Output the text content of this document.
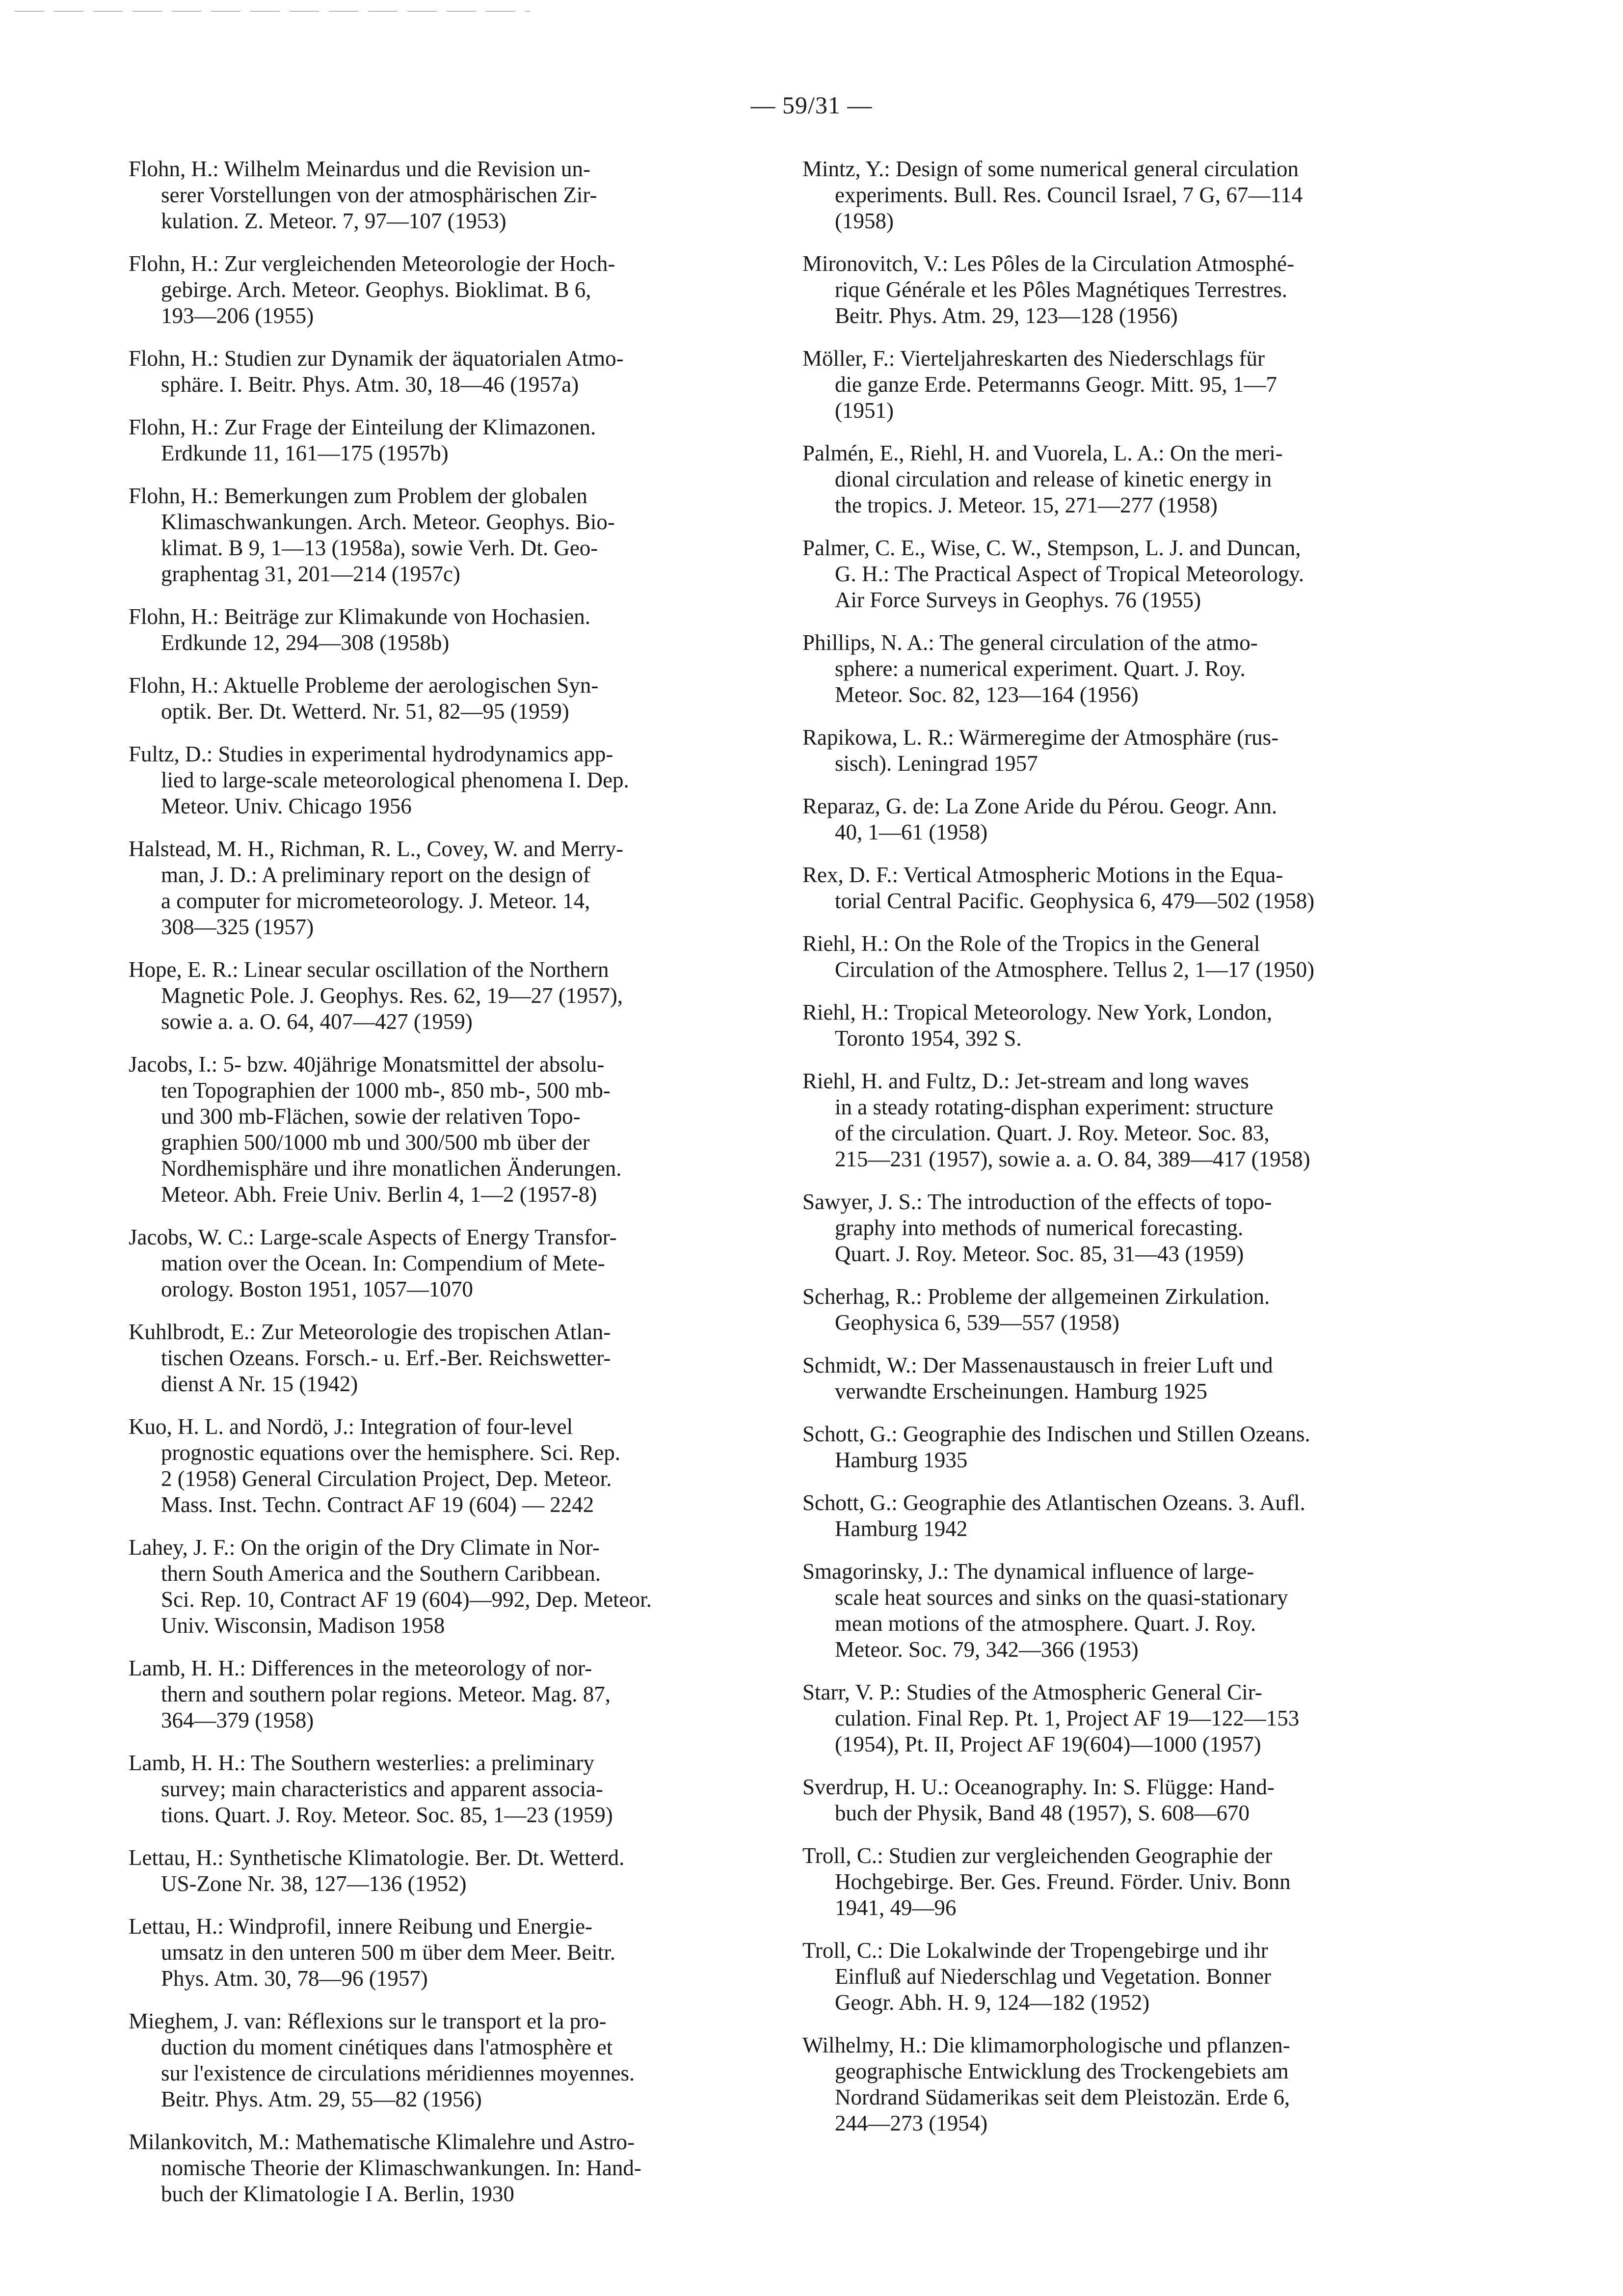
— 59/31 —
Flohn, H.: Wilhelm Meinardus und die Revision un-
serer Vorstellungen von der atmosphärischen Zir-
kulation. Z. Meteor. 7, 97—107 (1953)
Flohn, H.: Zur vergleichenden Meteorologie der Hoch-
gebirge. Arch. Meteor. Geophys. Bioklimat. B 6,
193—206 (1955)
Flohn, H.: Studien zur Dynamik der äquatorialen Atmo-
sphäre. I. Beitr. Phys. Atm. 30, 18—46 (1957a)
Flohn, H.: Zur Frage der Einteilung der Klimazonen.
Erdkunde 11, 161—175 (1957b)
Flohn, H.: Bemerkungen zum Problem der globalen
Klimaschwankungen. Arch. Meteor. Geophys. Bio-
klimat. B 9, 1—13 (1958a), sowie Verh. Dt. Geo-
graphentag 31, 201—214 (1957c)
Flohn, H.: Beiträge zur Klimakunde von Hochasien.
Erdkunde 12, 294—308 (1958b)
Flohn, H.: Aktuelle Probleme der aerologischen Syn-
optik. Ber. Dt. Wetterd. Nr. 51, 82—95 (1959)
Fultz, D.: Studies in experimental hydrodynamics app-
lied to large-scale meteorological phenomena I. Dep.
Meteor. Univ. Chicago 1956
Halstead, M. H., Richman, R. L., Covey, W. and Merry-
man, J. D.: A preliminary report on the design of
a computer for micrometeorology. J. Meteor. 14,
308—325 (1957)
Hope, E. R.: Linear secular oscillation of the Northern
Magnetic Pole. J. Geophys. Res. 62, 19—27 (1957),
sowie a. a. O. 64, 407—427 (1959)
Jacobs, I.: 5- bzw. 40jährige Monatsmittel der absolu-
ten Topographien der 1000 mb-, 850 mb-, 500 mb-
und 300 mb-Flächen, sowie der relativen Topo-
graphien 500/1000 mb und 300/500 mb über der
Nordhemisphäre und ihre monatlichen Änderungen.
Meteor. Abh. Freie Univ. Berlin 4, 1—2 (1957-8)
Jacobs, W. C.: Large-scale Aspects of Energy Transfor-
mation over the Ocean. In: Compendium of Mete-
orology. Boston 1951, 1057—1070
Kuhlbrodt, E.: Zur Meteorologie des tropischen Atlan-
tischen Ozeans. Forsch.- u. Erf.-Ber. Reichswetter-
dienst A Nr. 15 (1942)
Kuo, H. L. and Nordö, J.: Integration of four-level
prognostic equations over the hemisphere. Sci. Rep.
2 (1958) General Circulation Project, Dep. Meteor.
Mass. Inst. Techn. Contract AF 19 (604) — 2242
Lahey, J. F.: On the origin of the Dry Climate in Nor-
thern South America and the Southern Caribbean.
Sci. Rep. 10, Contract AF 19 (604)—992, Dep. Meteor.
Univ. Wisconsin, Madison 1958
Lamb, H. H.: Differences in the meteorology of nor-
thern and southern polar regions. Meteor. Mag. 87,
364—379 (1958)
Lamb, H. H.: The Southern westerlies: a preliminary
survey; main characteristics and apparent associa-
tions. Quart. J. Roy. Meteor. Soc. 85, 1—23 (1959)
Lettau, H.: Synthetische Klimatologie. Ber. Dt. Wetterd.
US-Zone Nr. 38, 127—136 (1952)
Lettau, H.: Windprofil, innere Reibung und Energie-
umsatz in den unteren 500 m über dem Meer. Beitr.
Phys. Atm. 30, 78—96 (1957)
Mieghem, J. van: Réflexions sur le transport et la pro-
duction du moment cinétiques dans l'atmosphère et
sur l'existence de circulations méridiennes moyennes.
Beitr. Phys. Atm. 29, 55—82 (1956)
Milankovitch, M.: Mathematische Klimalehre und Astro-
nomische Theorie der Klimaschwankungen. In: Hand-
buch der Klimatologie I A. Berlin, 1930
Mintz, Y.: Design of some numerical general circulation
experiments. Bull. Res. Council Israel, 7 G, 67—114
(1958)
Mironovitch, V.: Les Pôles de la Circulation Atmosphé-
rique Générale et les Pôles Magnétiques Terrestres.
Beitr. Phys. Atm. 29, 123—128 (1956)
Möller, F.: Vierteljahreskarten des Niederschlags für
die ganze Erde. Petermanns Geogr. Mitt. 95, 1—7
(1951)
Palmén, E., Riehl, H. and Vuorela, L. A.: On the meri-
dional circulation and release of kinetic energy in
the tropics. J. Meteor. 15, 271—277 (1958)
Palmer, C. E., Wise, C. W., Stempson, L. J. and Duncan,
G. H.: The Practical Aspect of Tropical Meteorology.
Air Force Surveys in Geophys. 76 (1955)
Phillips, N. A.: The general circulation of the atmo-
sphere: a numerical experiment. Quart. J. Roy.
Meteor. Soc. 82, 123—164 (1956)
Rapikowa, L. R.: Wärmeregime der Atmosphäre (rus-
sisch). Leningrad 1957
Reparaz, G. de: La Zone Aride du Pérou. Geogr. Ann.
40, 1—61 (1958)
Rex, D. F.: Vertical Atmospheric Motions in the Equa-
torial Central Pacific. Geophysica 6, 479—502 (1958)
Riehl, H.: On the Role of the Tropics in the General
Circulation of the Atmosphere. Tellus 2, 1—17 (1950)
Riehl, H.: Tropical Meteorology. New York, London,
Toronto 1954, 392 S.
Riehl, H. and Fultz, D.: Jet-stream and long waves
in a steady rotating-disphan experiment: structure
of the circulation. Quart. J. Roy. Meteor. Soc. 83,
215—231 (1957), sowie a. a. O. 84, 389—417 (1958)
Sawyer, J. S.: The introduction of the effects of topo-
graphy into methods of numerical forecasting.
Quart. J. Roy. Meteor. Soc. 85, 31—43 (1959)
Scherhag, R.: Probleme der allgemeinen Zirkulation.
Geophysica 6, 539—557 (1958)
Schmidt, W.: Der Massenaustausch in freier Luft und
verwandte Erscheinungen. Hamburg 1925
Schott, G.: Geographie des Indischen und Stillen Ozeans.
Hamburg 1935
Schott, G.: Geographie des Atlantischen Ozeans. 3. Aufl.
Hamburg 1942
Smagorinsky, J.: The dynamical influence of large-
scale heat sources and sinks on the quasi-stationary
mean motions of the atmosphere. Quart. J. Roy.
Meteor. Soc. 79, 342—366 (1953)
Starr, V. P.: Studies of the Atmospheric General Cir-
culation. Final Rep. Pt. 1, Project AF 19—122—153
(1954), Pt. II, Project AF 19(604)—1000 (1957)
Sverdrup, H. U.: Oceanography. In: S. Flügge: Hand-
buch der Physik, Band 48 (1957), S. 608—670
Troll, C.: Studien zur vergleichenden Geographie der
Hochgebirge. Ber. Ges. Freund. Förder. Univ. Bonn
1941, 49—96
Troll, C.: Die Lokalwinde der Tropengebirge und ihr
Einfluß auf Niederschlag und Vegetation. Bonner
Geogr. Abh. H. 9, 124—182 (1952)
Wilhelmy, H.: Die klimamorphologische und pflanzen-
geographische Entwicklung des Trockengebiets am
Nordrand Südamerikas seit dem Pleistozän. Erde 6,
244—273 (1954)
